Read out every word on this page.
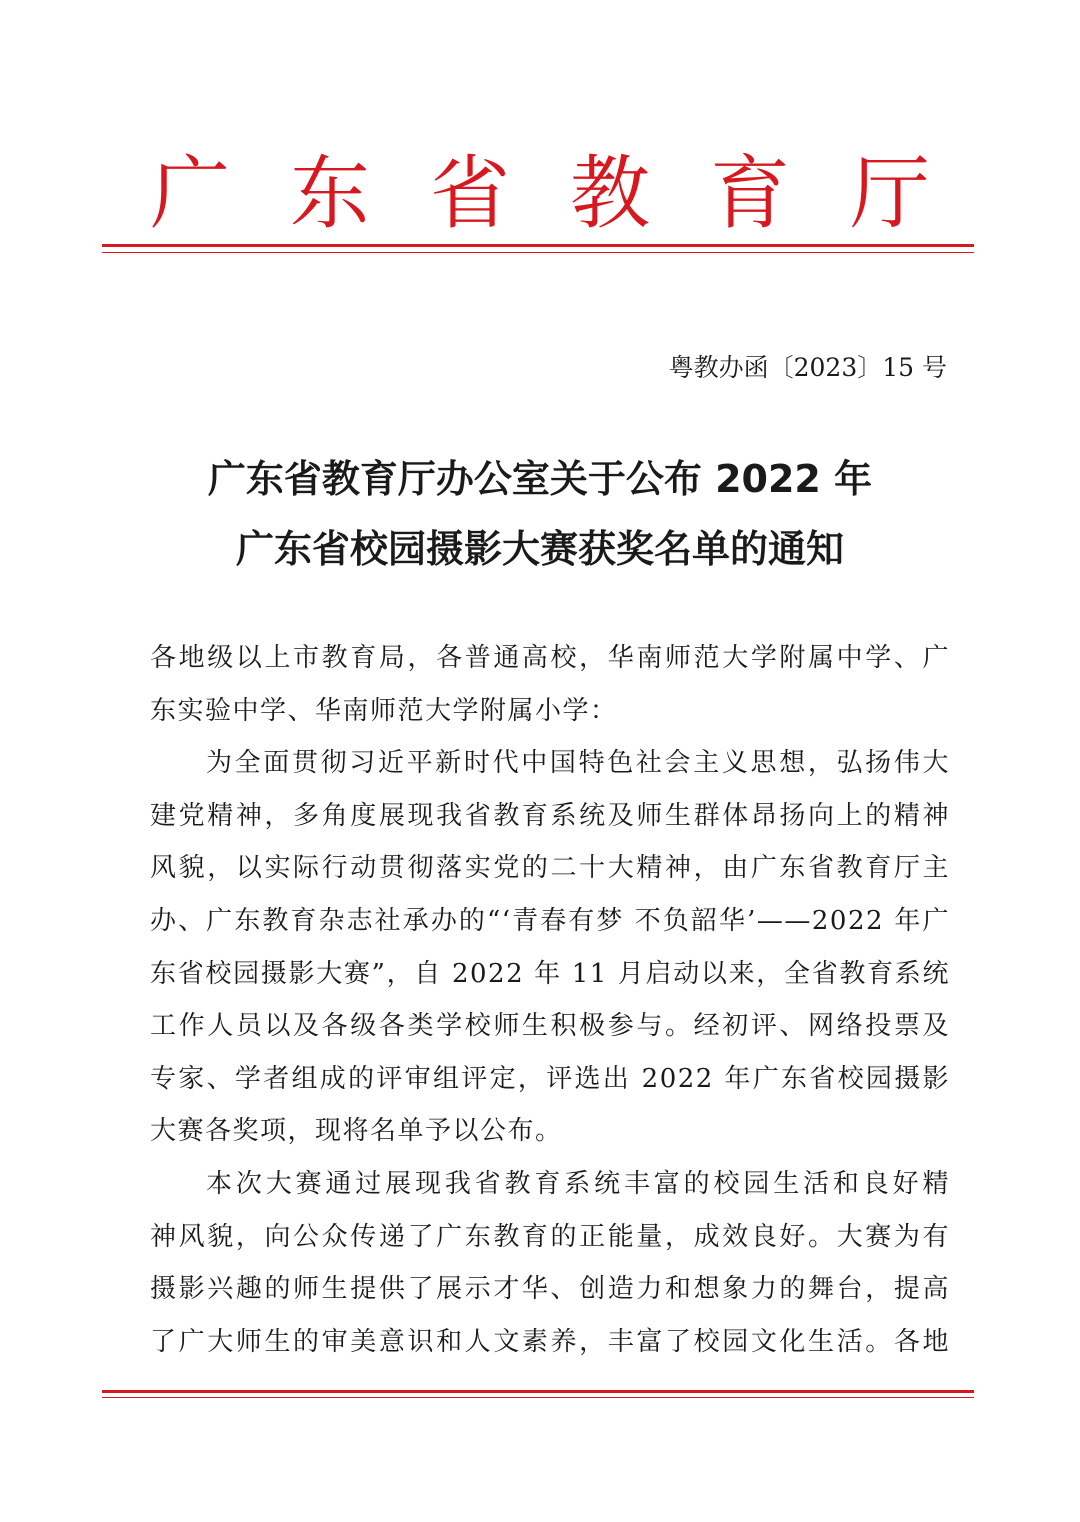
广 东 省 教 育 厅
粤教办函〔2023〕15 号
广东省教育厅办公室关于公布 2022 年
广东省校园摄影大赛获奖名单的通知
各地级以上市教育局，各普通高校，华南师范大学附属中学、广
东实验中学、华南师范大学附属小学：
为全面贯彻习近平新时代中国特色社会主义思想，弘扬伟大
建党精神，多角度展现我省教育系统及师生群体昂扬向上的精神
风貌，以实际行动贯彻落实党的二十大精神，由广东省教育厅主
办、广东教育杂志社承办的“‘青春有梦 不负韶华’——2022 年广
东省校园摄影大赛”，自 2022 年 11 月启动以来，全省教育系统
工作人员以及各级各类学校师生积极参与。经初评、网络投票及
专家、学者组成的评审组评定，评选出 2022 年广东省校园摄影
大赛各奖项，现将名单予以公布。
本次大赛通过展现我省教育系统丰富的校园生活和良好精
神风貌，向公众传递了广东教育的正能量，成效良好。大赛为有
摄影兴趣的师生提供了展示才华、创造力和想象力的舞台，提高
了广大师生的审美意识和人文素养，丰富了校园文化生活。各地
